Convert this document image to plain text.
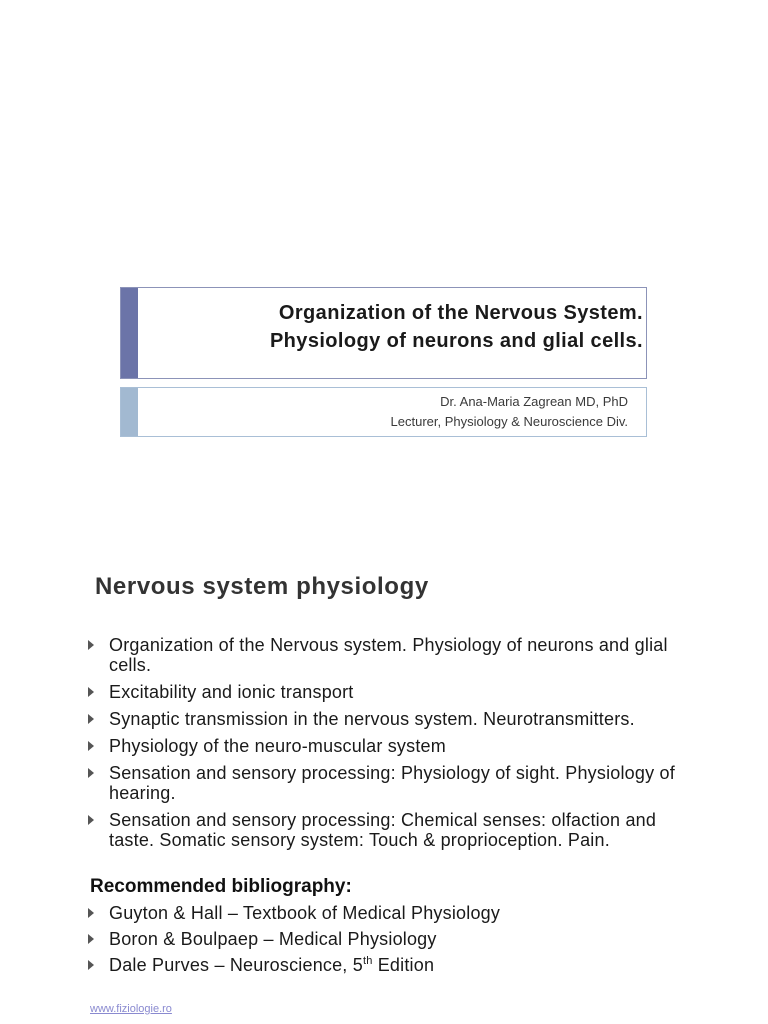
Organization of the Nervous System.
Physiology of neurons and glial cells.
Dr. Ana-Maria Zagrean MD, PhD
Lecturer, Physiology & Neuroscience Div.
Nervous system physiology
Organization of the Nervous system. Physiology of neurons and glial cells.
Excitability and ionic transport
Synaptic transmission in the nervous system. Neurotransmitters.
Physiology of the neuro-muscular system
Sensation and sensory processing: Physiology of sight. Physiology of hearing.
Sensation and sensory processing: Chemical senses: olfaction and taste. Somatic sensory system: Touch & proprioception. Pain.
Recommended bibliography:
Guyton & Hall – Textbook of Medical Physiology
Boron & Boulpaep – Medical Physiology
Dale Purves – Neuroscience, 5th Edition
www.fiziologie.ro
